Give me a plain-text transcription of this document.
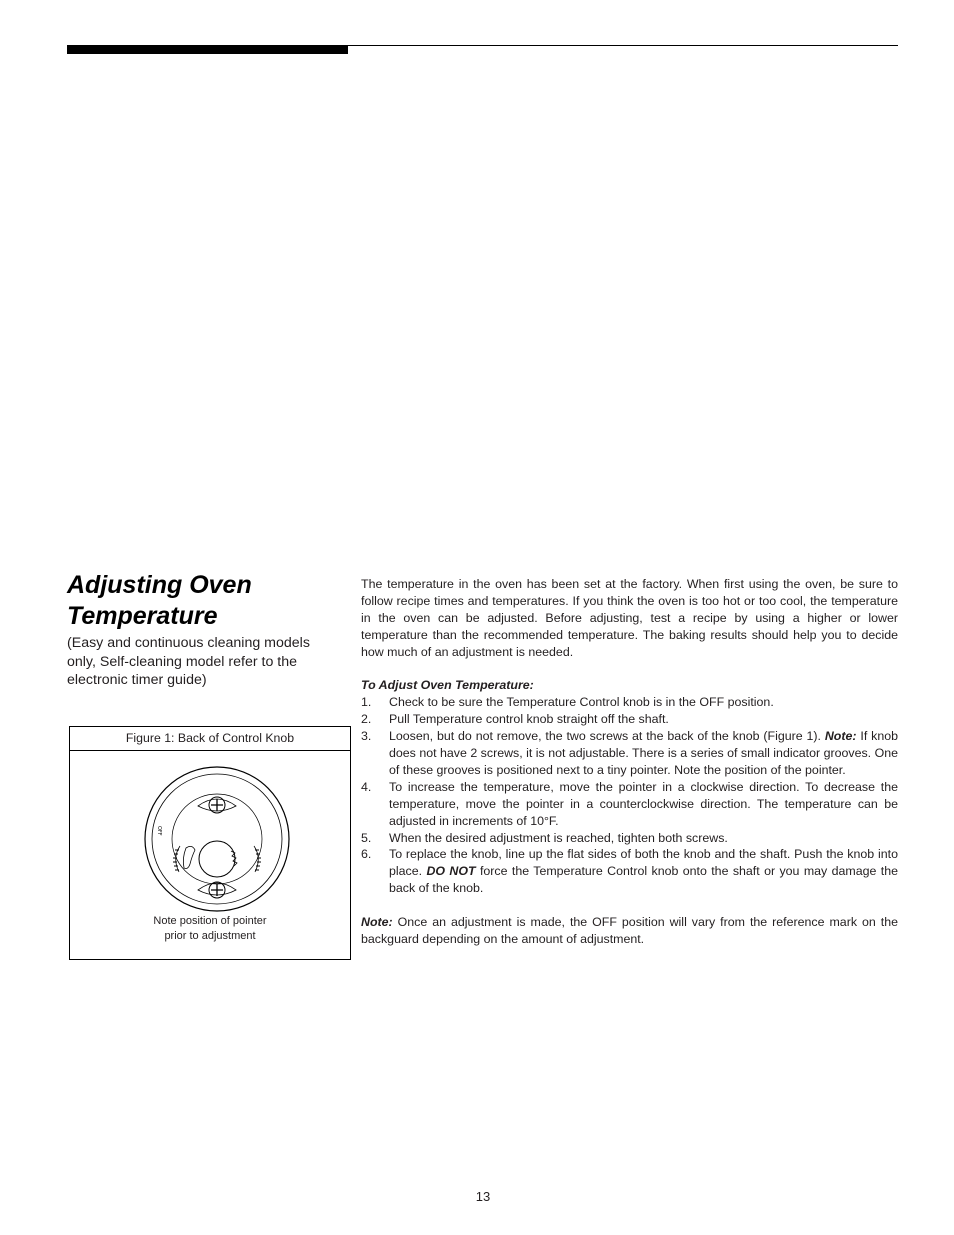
Adjusting Oven Temperature

(Easy and continuous cleaning models only, Self-cleaning model refer to the electronic timer guide)

Figure 1: Back of Control Knob
OFF
Note position of pointer
prior to adjustment

The temperature in the oven has been set at the factory. When first using the oven, be sure to follow recipe times and temperatures. If you think the oven is too hot or too cool, the temperature in the oven can be adjusted. Before adjusting, test a recipe by using a higher or lower temperature than the recommended temperature. The baking results should help you to decide how much of an adjustment is needed.

To Adjust Oven Temperature:

1. Check to be sure the Temperature Control knob is in the OFF position.
2. Pull Temperature control knob straight off the shaft.
3. Loosen, but do not remove, the two screws at the back of the knob (Figure 1). Note: If knob does not have 2 screws, it is not adjustable. There is a series of small indicator grooves. One of these grooves is positioned next to a tiny pointer. Note the position of the pointer.
4. To increase the temperature, move the pointer in a clockwise direction. To decrease the temperature, move the pointer in a counterclockwise direction. The temperature can be adjusted in increments of 10°F.
5. When the desired adjustment is reached, tighten both screws.
6. To replace the knob, line up the flat sides of both the knob and the shaft. Push the knob into place. DO NOT force the Temperature Control knob onto the shaft or you may damage the back of the knob.

Note: Once an adjustment is made, the OFF position will vary from the reference mark on the backguard depending on the amount of adjustment.

13
